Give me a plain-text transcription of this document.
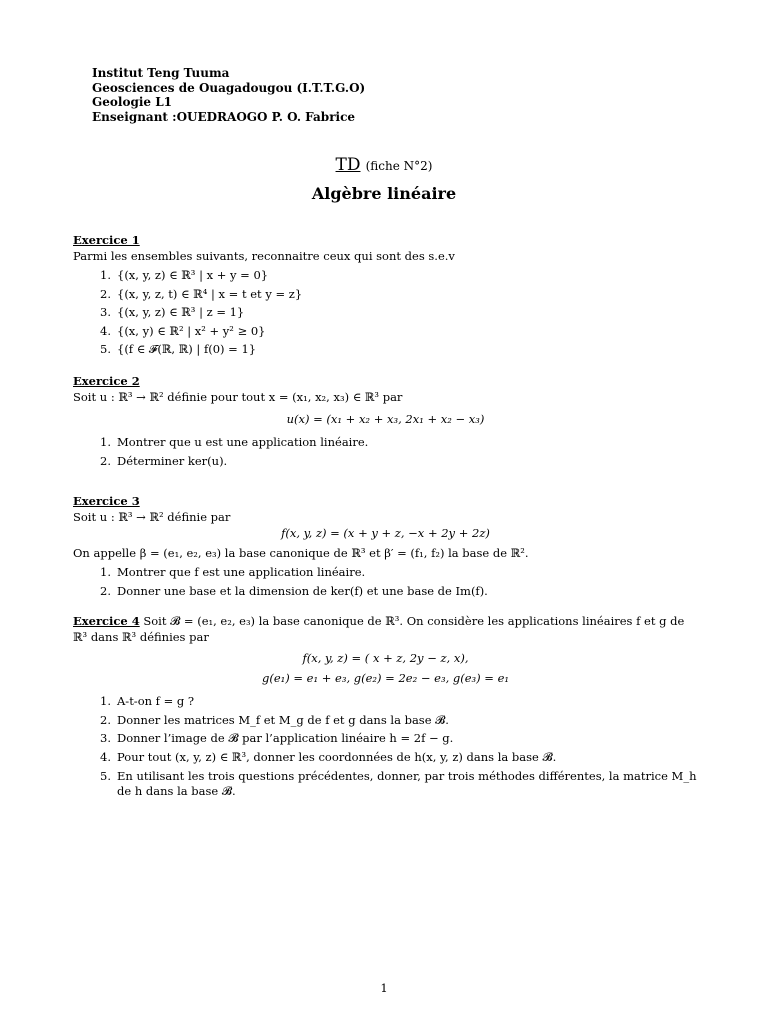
Institut Teng Tuuma
Geosciences de Ouagadougou (I.T.T.G.O)
Geologie L1
Enseignant :OUEDRAOGO P. O. Fabrice
TD (fiche N°2)
Algèbre linéaire
Exercice 1
Parmi les ensembles suivants, reconnaitre ceux qui sont des s.e.v
1. {(x, y, z) ∈ ℝ³ | x + y = 0}
2. {(x, y, z, t) ∈ ℝ⁴ | x = t et y = z}
3. {(x, y, z) ∈ ℝ³ | z = 1}
4. {(x, y) ∈ ℝ² | x² + y² ≥ 0}
5. {(f ∈ 𝓕(ℝ, ℝ) | f(0) = 1}
Exercice 2
Soit u : ℝ³ → ℝ² définie pour tout x = (x₁, x₂, x₃) ∈ ℝ³ par
u(x) = (x₁ + x₂ + x₃, 2x₁ + x₂ − x₃)
1. Montrer que u est une application linéaire.
2. Déterminer ker(u).
Exercice 3
Soit u : ℝ³ → ℝ² définie par
f(x, y, z) = (x + y + z, −x + 2y + 2z)
On appelle β = (e₁, e₂, e₃) la base canonique de ℝ³ et β′ = (f₁, f₂) la base de ℝ².
1. Montrer que f est une application linéaire.
2. Donner une base et la dimension de ker(f) et une base de Im(f).
Exercice 4 Soit 𝓑 = (e₁, e₂, e₃) la base canonique de ℝ³. On considère les applications linéaires f et g de ℝ³ dans ℝ³ définies par
f(x, y, z) = ( x + z, 2y − z, x),
g(e₁) = e₁ + e₃, g(e₂) = 2e₂ − e₃, g(e₃) = e₁
1. A-t-on f = g ?
2. Donner les matrices M_f et M_g de f et g dans la base 𝓑.
3. Donner l’image de 𝓑 par l’application linéaire h = 2f − g.
4. Pour tout (x, y, z) ∈ ℝ³, donner les coordonnées de h(x, y, z) dans la base 𝓑.
5. En utilisant les trois questions précédentes, donner, par trois méthodes différentes, la matrice M_h de h dans la base 𝓑.
1
